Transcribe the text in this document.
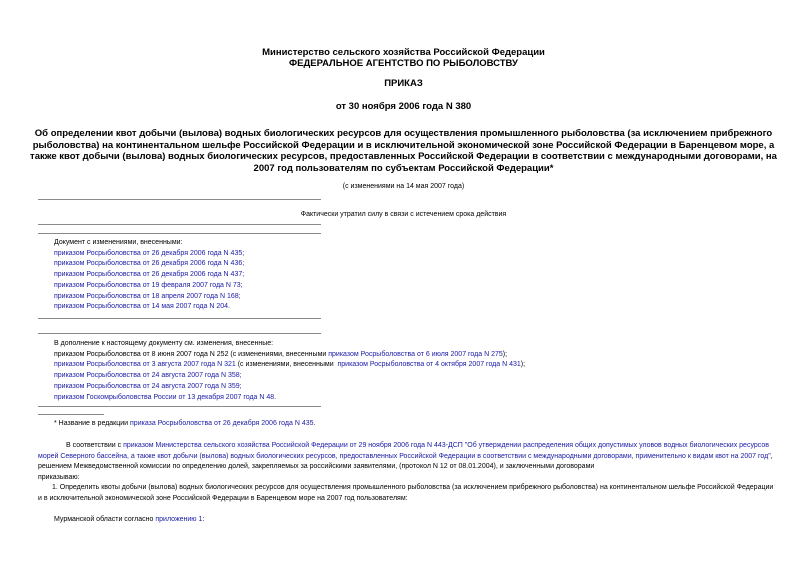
Министерство сельского хозяйства Российской Федерации
ФЕДЕРАЛЬНОЕ АГЕНТСТВО ПО РЫБОЛОВСТВУ
ПРИКАЗ
от 30 ноября 2006 года N 380
Об определении квот добычи (вылова) водных биологических ресурсов для осуществления промышленного рыболовства (за исключением прибрежного рыболовства) на континентальном шельфе Российской Федерации и в исключительной экономической зоне Российской Федерации в Баренцевом море, а также квот добычи (вылова) водных биологических ресурсов, предоставленных Российской Федерации в соответствии с международными договорами, на 2007 год пользователям по субъектам Российской Федерации*
(с изменениями на 14 мая 2007 года)
Фактически утратил силу в связи с истечением срока действия
Документ с изменениями, внесенными:
приказом Росрыболовства от 26 декабря 2006 года N 435;
приказом Росрыболовства от 26 декабря 2006 года N 436;
приказом Росрыболовства от 26 декабря 2006 года N 437;
приказом Росрыболовства от 19 февраля 2007 года N 73;
приказом Росрыболовства от 18 апреля 2007 года N 168;
приказом Росрыболовства от 14 мая 2007 года N 204.
В дополнение к настоящему документу см. изменения, внесенные:
приказом Росрыболовства от 8 июня 2007 года N 252 (с изменениями, внесенными приказом Росрыболовства от 6 июля 2007 года N 275);
приказом Росрыболовства от 3 августа 2007 года N 321 (с изменениями, внесенными  приказом Росрыболовства от 4 октября 2007 года N 431);
приказом Росрыболовства от 24 августа 2007 года N 358;
приказом Росрыболовства от 24 августа 2007 года N 359;
приказом Госкомрыболовства России от 13 декабря 2007 года N 48.
* Название в редакции приказа Росрыболовства от 26 декабря 2006 года N 435.
В соответствии с приказом Министерства сельского хозяйства Российской Федерации от 29 ноября 2006 года N 443-ДСП "Об утверждении распределения общих допустимых уловов водных биологических ресурсов морей Северного бассейна, а также квот добычи (вылова) водных биологических ресурсов, предоставленных Российской Федерации в соответствии с международными договорами, применительно к видам квот на 2007 год", решением Межведомственной комиссии по определению долей, закрепляемых за российскими заявителями, (протокол N 12 от 08.01.2004), и заключенными договорами
приказываю:
1. Определить квоты добычи (вылова) водных биологических ресурсов для осуществления промышленного рыболовства (за исключением прибрежного рыболовства) на континентальном шельфе Российской Федерации и в исключительной экономической зоне Российской Федерации в Баренцевом море на 2007 год пользователям:
Мурманской области согласно приложению 1:
